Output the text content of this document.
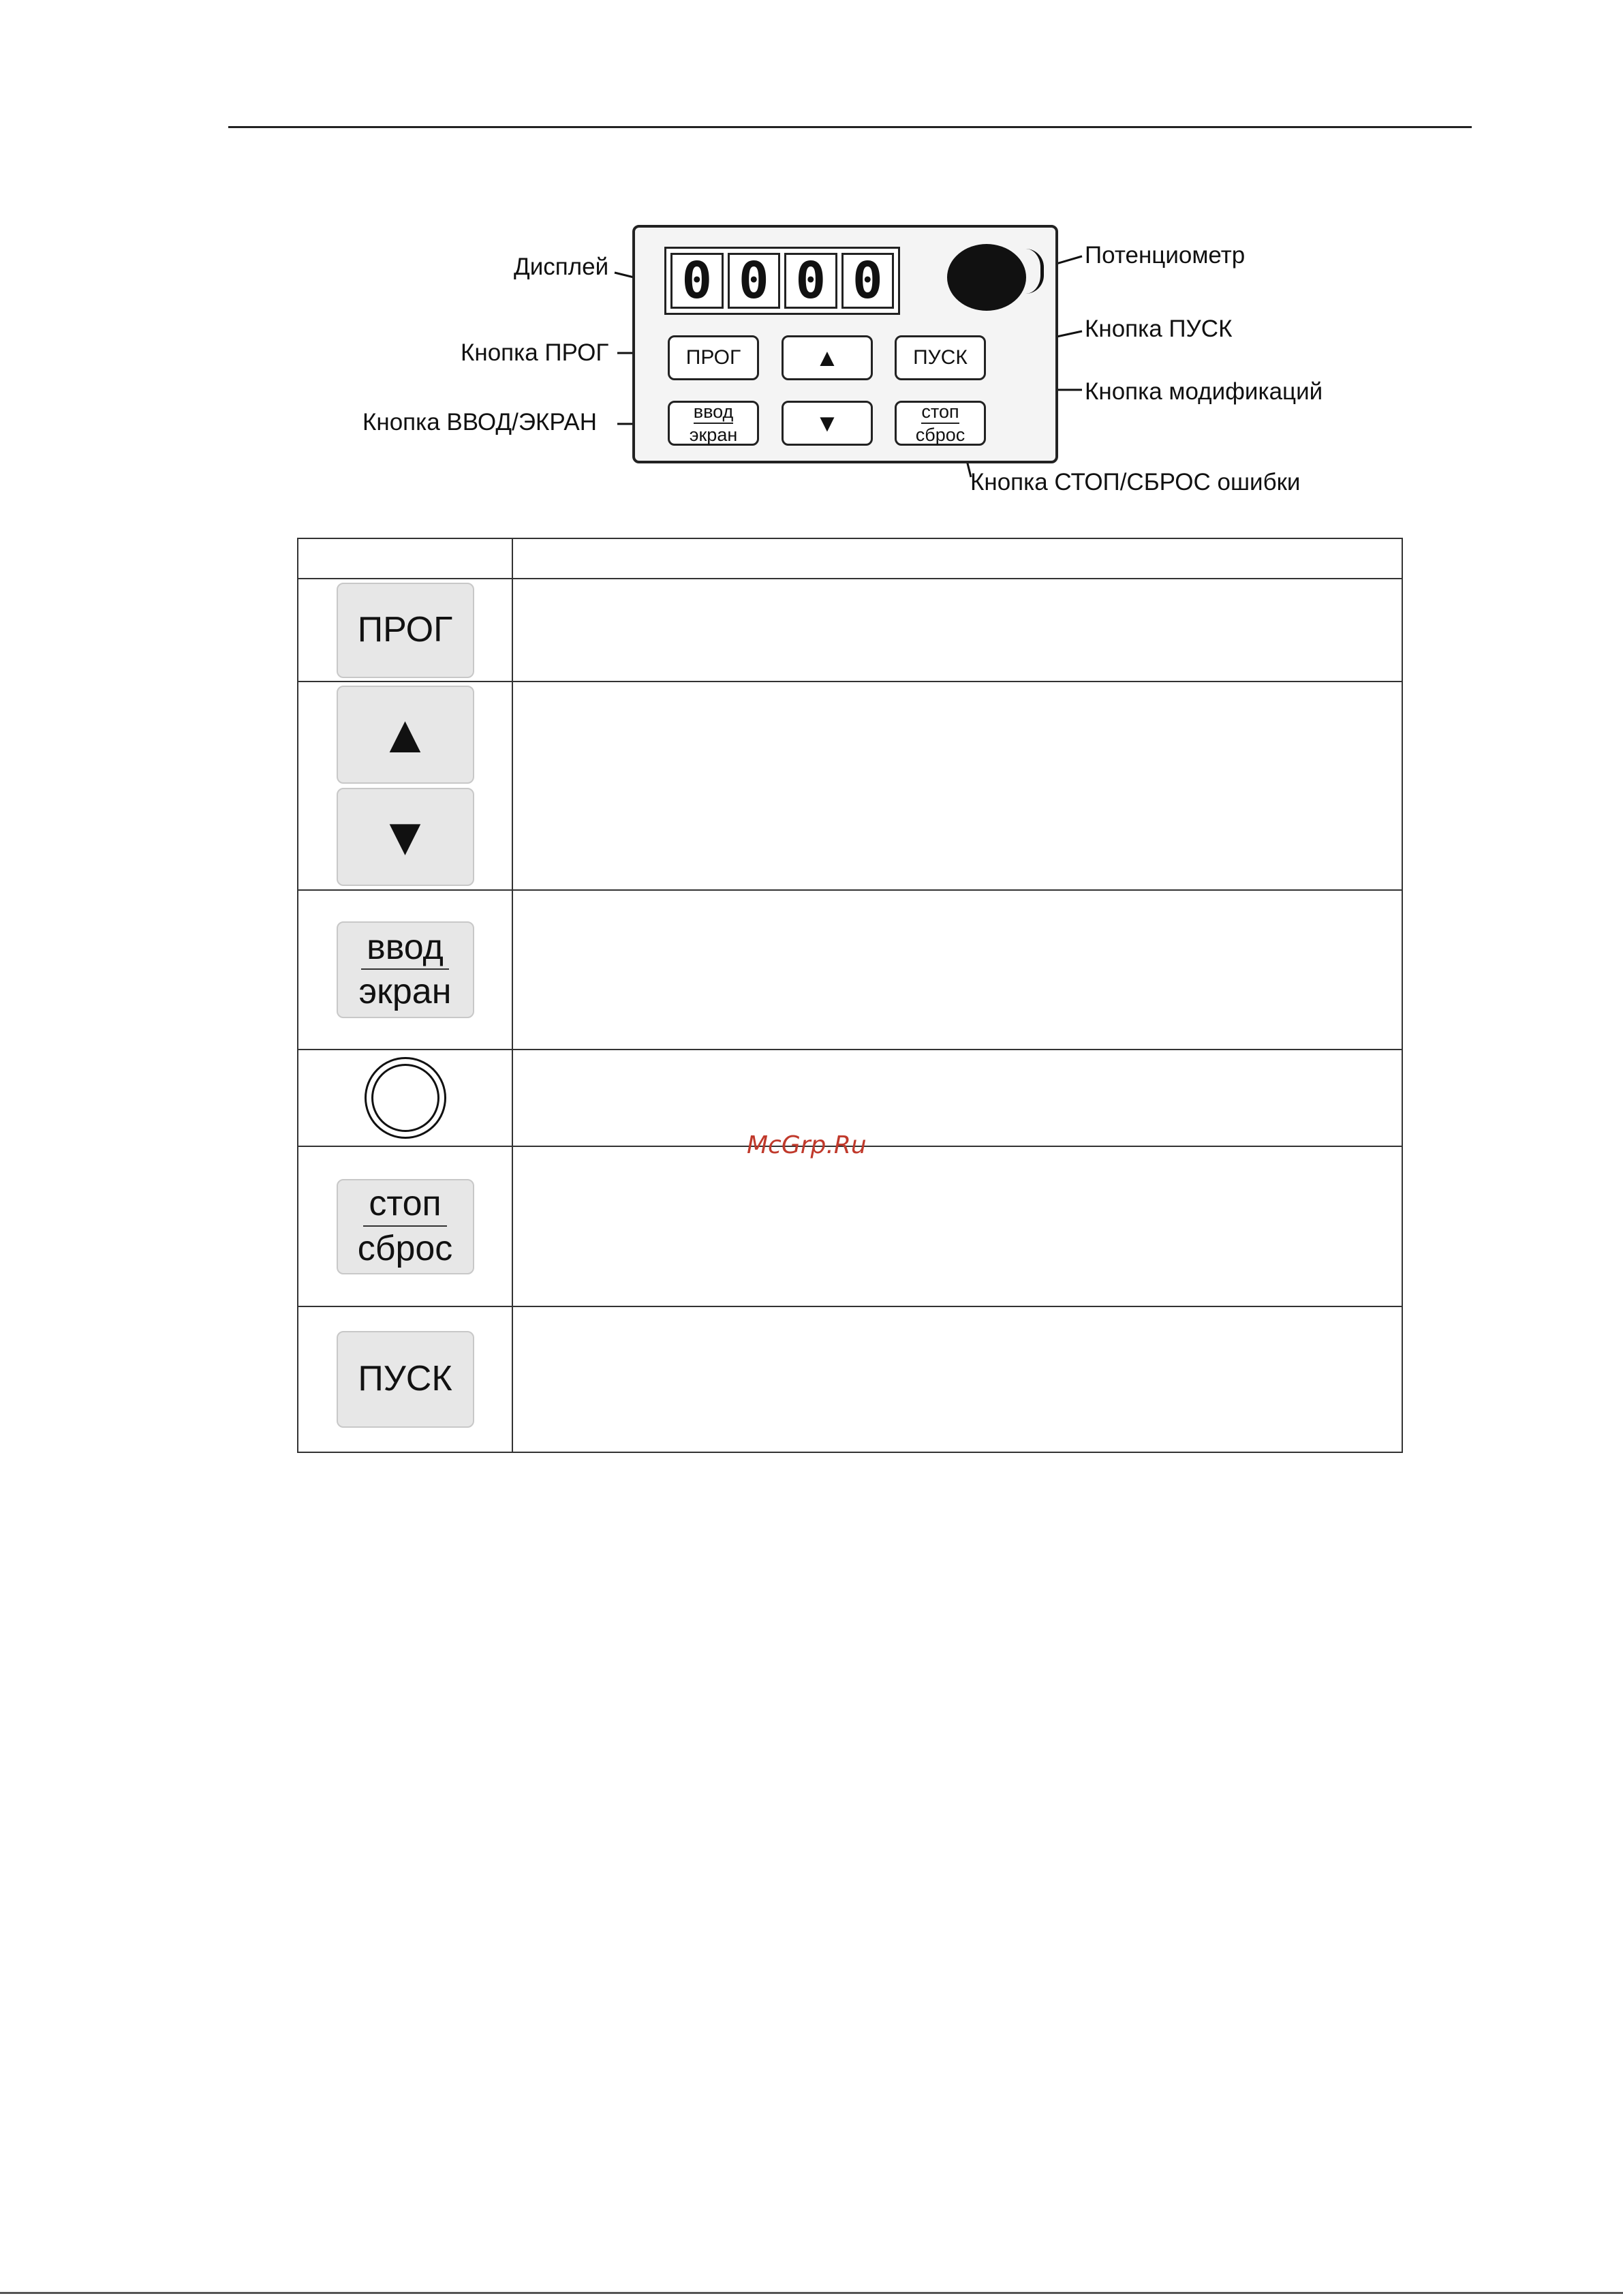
Дисплей	Потенциометр
Кнопка ПРОГ
Кнопка ПУСК
Кнопка модификаций
Кнопка ВВОД/ЭКРАН
Кнопка СТОП/СБРОС ошибки
0 0 0 0
ПРОГ	▲	ПУСК
ввод
экран	▼	стоп
сброс

ПРОГ	

▲
▼	

ввод
экран	

стоп
сброс	

ПУСК	

McGrp.Ru
